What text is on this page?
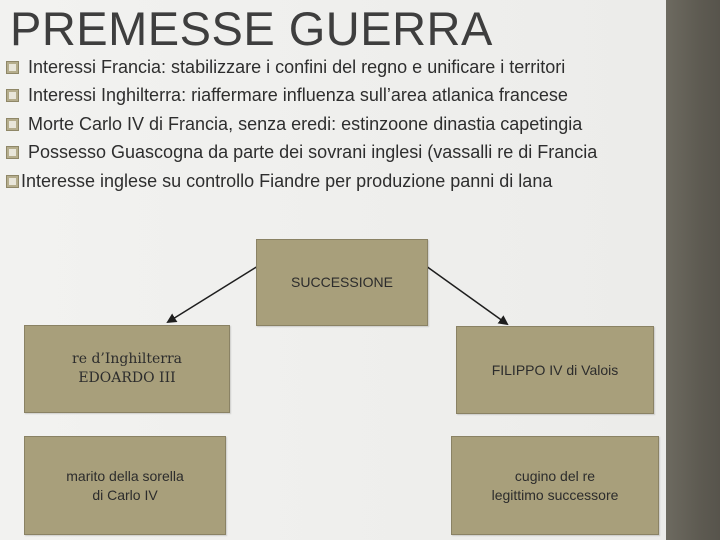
PREMESSE GUERRA
Interessi Francia: stabilizzare i confini del regno e unificare i territori
Interessi Inghilterra: riaffermare influenza sull’area atlanica francese
Morte Carlo IV di Francia, senza eredi: estinzoone dinastia capetingia
Possesso Guascogna da parte dei sovrani inglesi (vassalli re di Francia
Interesse inglese su controllo Fiandre per produzione panni di lana
SUCCESSIONE
re d’Inghilterra
EDOARDO III
FILIPPO IV di Valois
marito della sorella
di Carlo IV
cugino del re
legittimo successore
